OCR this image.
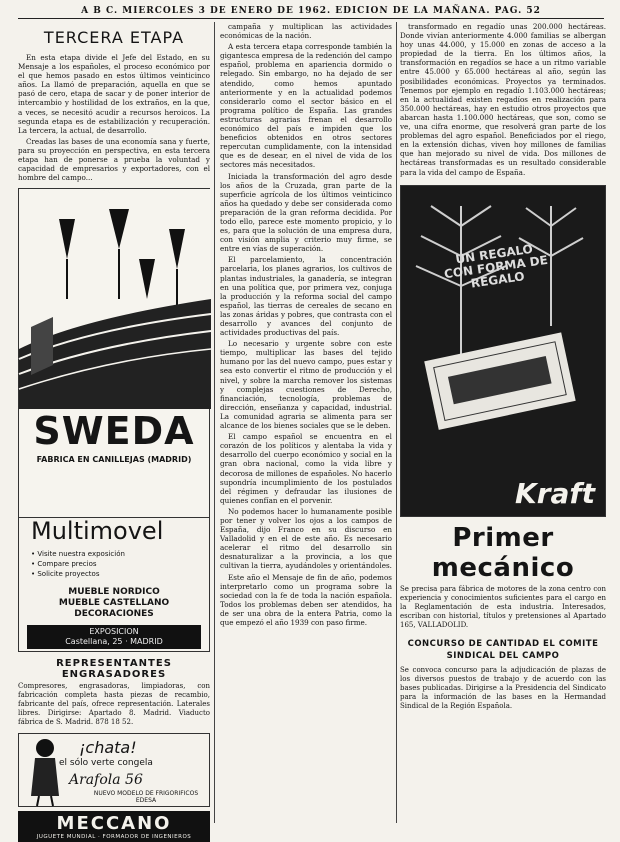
A B C. MIERCOLES 3 DE ENERO DE 1962. EDICION DE LA MAÑANA. PAG. 52
TERCERA ETAPA

En esta etapa divide el Jefe del Estado, en su Mensaje a los españoles, el proceso económico por el que hemos pasado en estos últimos veinticinco años. La llamó de preparación, aquella en que se pasó de cero, etapa de sacar y de poner interior de intercambio y hostilidad de los extraños, en la que, a veces, se necesitó acudir a recursos heroicos. La segunda etapa es de estabilización y recuperación. La tercera, la actual, de desarrollo.

Creadas las bases de una economía sana y fuerte, para su proyección en perspectiva, en esta tercera etapa han de ponerse a prueba la voluntad y capacidad de empresarios y exportadores, con el hombre del campo...

SWEDA
FABRICA EN CANILLEJAS (MADRID)
Multimovel
• Visite nuestra exposición
• Compare precios
• Solicite proyectos
MUEBLE NORDICO
MUEBLE CASTELLANO
DECORACIONES
EXPOSICION
Castellana, 25 · MADRID
REPRESENTANTES ENGRASADORES

Compresores, engrasadoras, limpiadoras, con fabricación completa hasta piezas de recambio, fabricante del país, ofrece representación. Laterales libres. Dirigirse: Apartado 8. Madrid. Viaducto fábrica de S. Madrid. 878 18 52.

¡chata!
el sólo verte congela
Arafola 56
NUEVO MODELO DE FRIGORIFICOS EDESA
MECCANO
JUGUETE MUNDIAL · FORMADOR DE INGENIEROS

campaña y multiplican las actividades económicas de la nación.

A esta tercera etapa corresponde también la gigantesca empresa de la redención del campo español, problema en apariencia dormido o relegado. Sin embargo, no ha dejado de ser atendido, como hemos apuntado anteriormente y en la actualidad podemos considerarlo como el sector básico en el programa político de España. Las grandes estructuras agrarias frenan el desarrollo económico del país e impiden que los beneficios obtenidos en otros sectores repercutan cumplidamente, con la intensidad que es de desear, en el nivel de vida de los sectores más necesitados.

Iniciada la transformación del agro desde los años de la Cruzada, gran parte de la superficie agrícola de los últimos veinticinco años ha quedado y debe ser considerada como preparación de la gran reforma decidida. Por todo ello, parece este momento propicio, y lo es, para que la solución de una empresa dura, con visión amplia y criterio muy firme, se entre en vías de superación.

El parcelamiento, la concentración parcelaria, los planes agrarios, los cultivos de plantas industriales, la ganadería, se integran en una política que, por primera vez, conjuga la producción y la reforma social del campo español, las tierras de cereales de secano en las zonas áridas y pobres, que contrasta con el desarrollo y avances del conjunto de actividades productivas del país.

Lo necesario y urgente sobre con este tiempo, multiplicar las bases del tejido humano por las del nuevo campo, pues estar y sea esto convertir el ritmo de producción y el nivel, y sobre la marcha remover los sistemas y complejas cuestiones de Derecho, financiación, tecnología, problemas de dirección, enseñanza y capacidad, industrial. La comunidad agraria se alimenta para ser alcance de los bienes sociales que se le deben.

El campo español se encuentra en el corazón de los políticos y alentaba la vida y desarrollo del cuerpo económico y social en la gran obra nacional, como la vida libre y decorosa de millones de españoles. No hacerlo supondría incumplimiento de los postulados del régimen y defraudar las ilusiones de quienes confían en el porvenir.

No podemos hacer lo humanamente posible por tener y volver los ojos a los campos de España, dijo Franco en su discurso en Valladolid y en el de este año. Es necesario acelerar el ritmo del desarrollo sin desnaturalizar a la provincia, a los que cultivan la tierra, ayudándoles y orientándoles.

Este año el Mensaje de fin de año, podemos interpretarlo como un programa sobre la sociedad con la fe de toda la nación española. Todos los problemas deben ser atendidos, ha de ser una obra de la entera Patria, como la que empezó el año 1939 con paso firme.

transformado en regadío unas 200.000 hectáreas. Donde vivían anteriormente 4.000 familias se albergan hoy unas 44.000, y 15.000 en zonas de acceso a la propiedad de la tierra. En los últimos años, la transformación en regadíos se hace a un ritmo variable entre 45.000 y 65.000 hectáreas al año, según las posibilidades económicas. Proyectos ya terminados. Tenemos por ejemplo en regadío 1.103.000 hectáreas; en la actualidad existen regadíos en realización para 350.000 hectáreas, hay en estudio otros proyectos que abarcan hasta 1.100.000 hectáreas, que son, como se ve, una cifra enorme, que resolverá gran parte de los problemas del agro español. Beneficiados por el riego, en la extensión dichas, viven hoy millones de familias que han mejorado su nivel de vida. Dos millones de hectáreas transformadas es un resultado considerable para la vida del campo de España.

UN REGALO CON FORMA DE REGALO
Kraft
Primer mecánico

Se precisa para fábrica de motores de la zona centro con experiencia y conocimientos suficientes para el cargo en la Reglamentación de esta industria. Interesados, escriban con historial, títulos y pretensiones al Apartado 165, VALLADOLID.

CONCURSO DE CANTIDAD EL COMITE SINDICAL DEL CAMPO

Se convoca concurso para la adjudicación de plazas de los diversos puestos de trabajo y de acuerdo con las bases publicadas. Dirigirse a la Presidencia del Sindicato para la información de las bases en la Hermandad Sindical de la Región Española.
